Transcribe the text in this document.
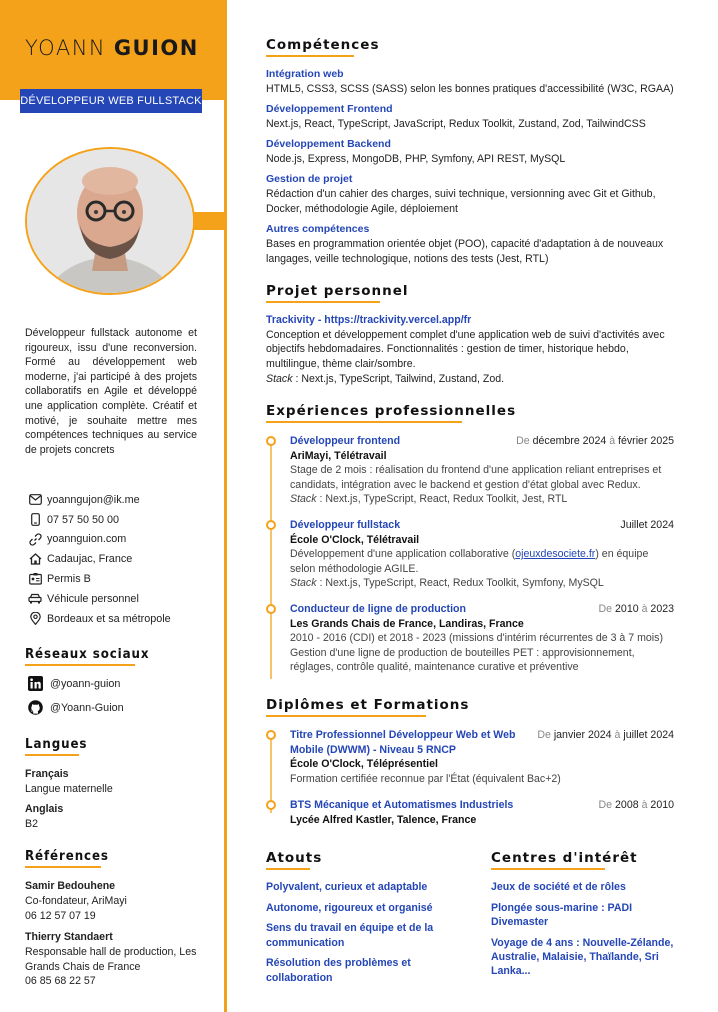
YOANN GUION
DÉVELOPPEUR WEB FULLSTACK
Développeur fullstack autonome et rigoureux, issu d'une reconversion. Formé au développement web moderne, j'ai participé à des projets collaboratifs en Agile et développé une application complète. Créatif et motivé, je souhaite mettre mes compétences techniques au service de projets concrets
yoanngujon@ik.me
07 57 50 50 00
yoannguion.com
Cadaujac, France
Permis B
Véhicule personnel
Bordeaux et sa métropole
Réseaux sociaux
@yoann-guion
@Yoann-Guion
Langues
Français
Langue maternelle
Anglais
B2
Références
Samir Bedouhene
Co-fondateur, AriMayi
06 12 57 07 19
Thierry Standaert
Responsable hall de production, Les Grands Chais de France
06 85 68 22 57
Compétences
Intégration web
HTML5, CSS3, SCSS (SASS) selon les bonnes pratiques d'accessibilité (W3C, RGAA)
Développement Frontend
Next.js, React, TypeScript, JavaScript, Redux Toolkit, Zustand, Zod, TailwindCSS
Développement Backend
Node.js, Express, MongoDB, PHP, Symfony, API REST, MySQL
Gestion de projet
Rédaction d'un cahier des charges, suivi technique, versionning avec Git et Github, Docker, méthodologie Agile, déploiement
Autres compétences
Bases en programmation orientée objet (POO), capacité d'adaptation à de nouveaux langages, veille technologique, notions des tests (Jest, RTL)
Projet personnel
Trackivity - https://trackivity.vercel.app/fr
Conception et développement complet d'une application web de suivi d'activités avec objectifs hebdomadaires. Fonctionnalités : gestion de timer, historique hebdo, multilingue, thème clair/sombre.
Stack : Next.js, TypeScript, Tailwind, Zustand, Zod.
Expériences professionnelles
Développeur frontend	De décembre 2024 à février 2025
AriMayi, Télétravail
Stage de 2 mois : réalisation du frontend d'une application reliant entreprises et candidats, intégration avec le backend et gestion d'état global avec Redux.
Stack : Next.js, TypeScript, React, Redux Toolkit, Jest, RTL
Développeur fullstack	Juillet 2024
École O'Clock, Télétravail
Développement d'une application collaborative (ojeuxdesociete.fr) en équipe selon méthodologie AGILE.
Stack : Next.js, TypeScript, React, Redux Toolkit, Symfony, MySQL
Conducteur de ligne de production	De 2010 à 2023
Les Grands Chais de France, Landiras, France
2010 - 2016 (CDI) et 2018 - 2023 (missions d'intérim récurrentes de 3 à 7 mois) Gestion d'une ligne de production de bouteilles PET : approvisionnement, réglages, contrôle qualité, maintenance curative et préventive
Diplômes et Formations
Titre Professionnel Développeur Web et Web Mobile (DWWM) - Niveau 5 RNCP
De janvier 2024 à juillet 2024
École O'Clock, Téléprésentiel
Formation certifiée reconnue par l'État (équivalent Bac+2)
BTS Mécanique et Automatismes Industriels	De 2008 à 2010
Lycée Alfred Kastler, Talence, France
Atouts
Polyvalent, curieux et adaptable
Autonome, rigoureux et organisé
Sens du travail en équipe et de la communication
Résolution des problèmes et collaboration
Centres d'intérêt
Jeux de société et de rôles
Plongée sous-marine : PADI Divemaster
Voyage de 4 ans : Nouvelle-Zélande, Australie, Malaisie, Thaïlande, Sri Lanka...
